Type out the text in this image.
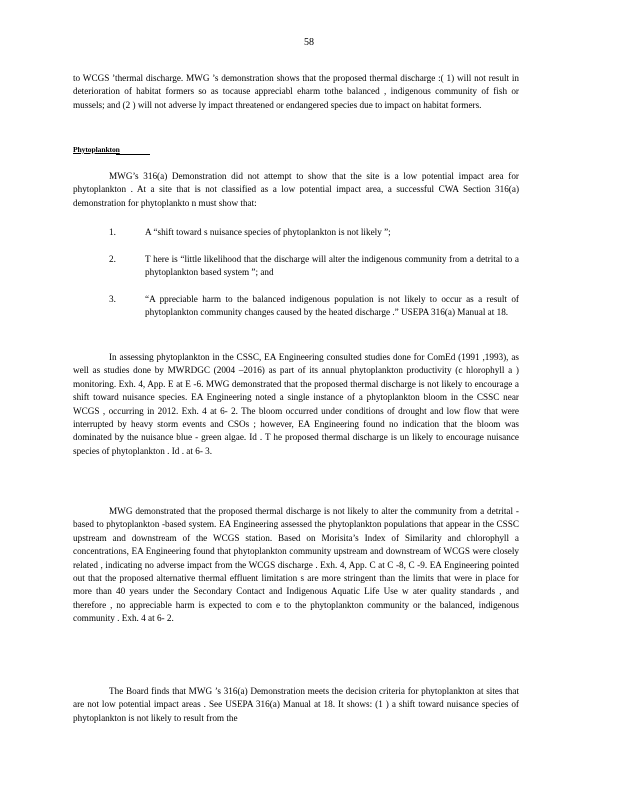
58
to WCGS ’thermal discharge. MWG ’s demonstration shows that the proposed thermal discharge :( 1) will not result in deterioration of habitat formers so as tocause appreciabl eharm tothe balanced , indigenous community of fish or mussels; and (2 ) will not adverse ly impact threatened or endangered species due to impact on habitat formers.
Phytoplankton
MWG’s 316(a) Demonstration did not attempt to show that the site is a low potential impact area for phytoplankton . At a site that is not classified as a low potential impact area, a successful CWA Section 316(a) demonstration for phytoplankto n must show that:
1.	A “shift toward s nuisance species of phytoplankton is not likely ”;
2.	T here is “little likelihood that the discharge will alter the indigenous community from a detrital to a phytoplankton based system ”; and
3.	“A ppreciable harm to the balanced indigenous population is not likely to occur as a result of phytoplankton community changes caused by the heated discharge .” USEPA 316(a) Manual at 18.
In assessing phytoplankton in the CSSC, EA Engineering consulted studies done for ComEd (1991 ,1993), as well as studies done by MWRDGC (2004 –2016) as part of its annual phytoplankton productivity (c hlorophyll a ) monitoring. Exh. 4, App. E at E -6. MWG demonstrated that the proposed thermal discharge is not likely to encourage a shift toward nuisance species. EA Engineering noted a single instance of a phytoplankton bloom in the CSSC near WCGS , occurring in 2012. Exh. 4 at 6- 2. The bloom occurred under conditions of drought and low flow that were interrupted by heavy storm events and CSOs ; however, EA Engineering found no indication that the bloom was dominated by the nuisance blue - green algae. Id . T he proposed thermal discharge is un likely to encourage nuisance species of phytoplankton . Id . at 6- 3.
MWG demonstrated that the proposed thermal discharge is not likely to alter the community from a detrital -based to phytoplankton -based system. EA Engineering assessed the phytoplankton populations that appear in the CSSC upstream and downstream of the WCGS station. Based on Morisita’s Index of Similarity and chlorophyll a concentrations, EA Engineering found that phytoplankton community upstream and downstream of WCGS were closely related , indicating no adverse impact from the WCGS discharge . Exh. 4, App. C at C -8, C -9. EA Engineering pointed out that the proposed alternative thermal effluent limitation s are more stringent than the limits that were in place for more than 40 years under the Secondary Contact and Indigenous Aquatic Life Use w ater quality standards , and therefore , no appreciable harm is expected to com e to the phytoplankton community or the balanced, indigenous community . Exh. 4 at 6- 2.
The Board finds that MWG ’s 316(a) Demonstration meets the decision criteria for phytoplankton at sites that are not low potential impact areas . See USEPA 316(a) Manual at 18. It shows: (1 ) a shift toward nuisance species of phytoplankton is not likely to result from the
